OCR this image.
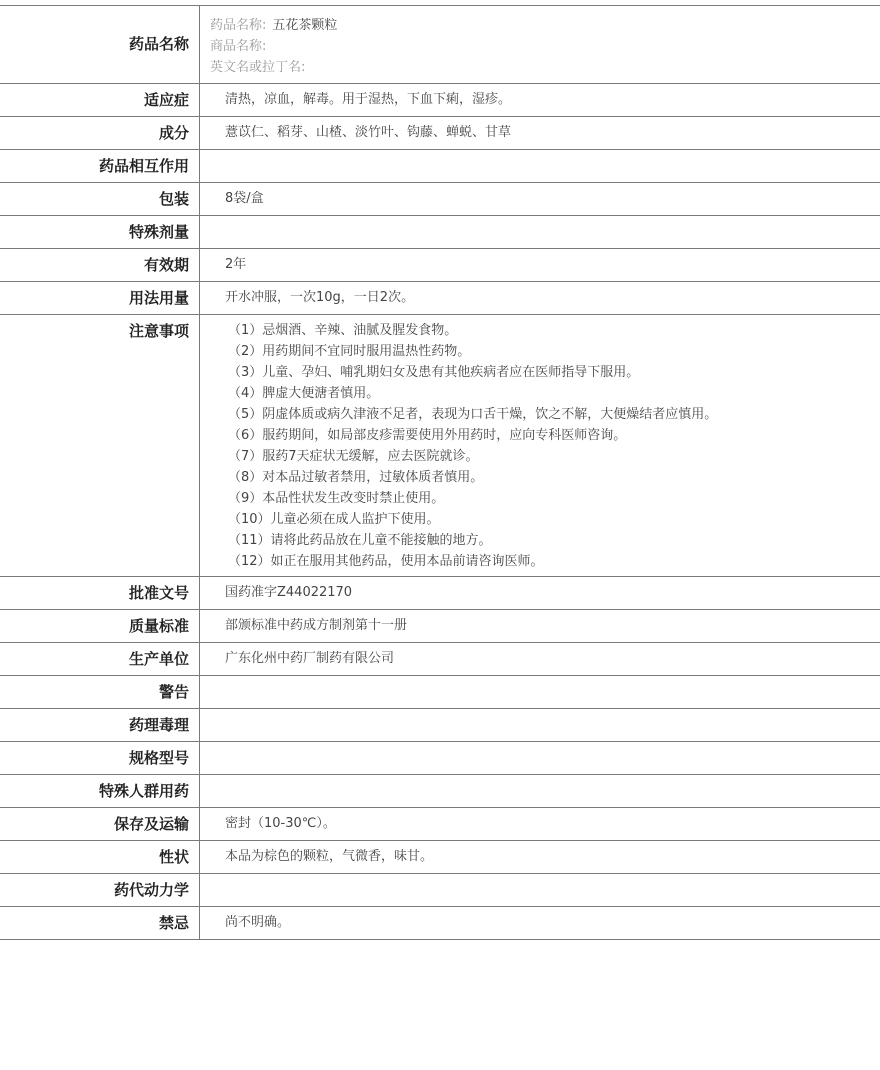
药品名称
药品名称: 五花茶颗粒
商品名称:
英文名或拉丁名:
适应症	清热，凉血，解毒。用于湿热，下血下痢，湿疹。
成分	薏苡仁、稻芽、山楂、淡竹叶、钩藤、蝉蜕、甘草
药品相互作用
包装	8袋/盒
特殊剂量
有效期	2年
用法用量	开水冲服，一次10g，一日2次。
注意事项	（1）忌烟酒、辛辣、油腻及腥发食物。
（2）用药期间不宜同时服用温热性药物。
（3）儿童、孕妇、哺乳期妇女及患有其他疾病者应在医师指导下服用。
（4）脾虚大便溏者慎用。
（5）阴虚体质或病久津液不足者，表现为口舌干燥，饮之不解，大便燥结者应慎用。
（6）服药期间，如局部皮疹需要使用外用药时，应向专科医师咨询。
（7）服药7天症状无缓解，应去医院就诊。
（8）对本品过敏者禁用，过敏体质者慎用。
（9）本品性状发生改变时禁止使用。
（10）儿童必须在成人监护下使用。
（11）请将此药品放在儿童不能接触的地方。
（12）如正在服用其他药品，使用本品前请咨询医师。
批准文号	国药准字Z44022170
质量标准	部颁标准中药成方制剂第十一册
生产单位	广东化州中药厂制药有限公司
警告
药理毒理
规格型号
特殊人群用药
保存及运输	密封（10-30℃）。
性状	本品为棕色的颗粒，气微香，味甘。
药代动力学
禁忌	尚不明确。
